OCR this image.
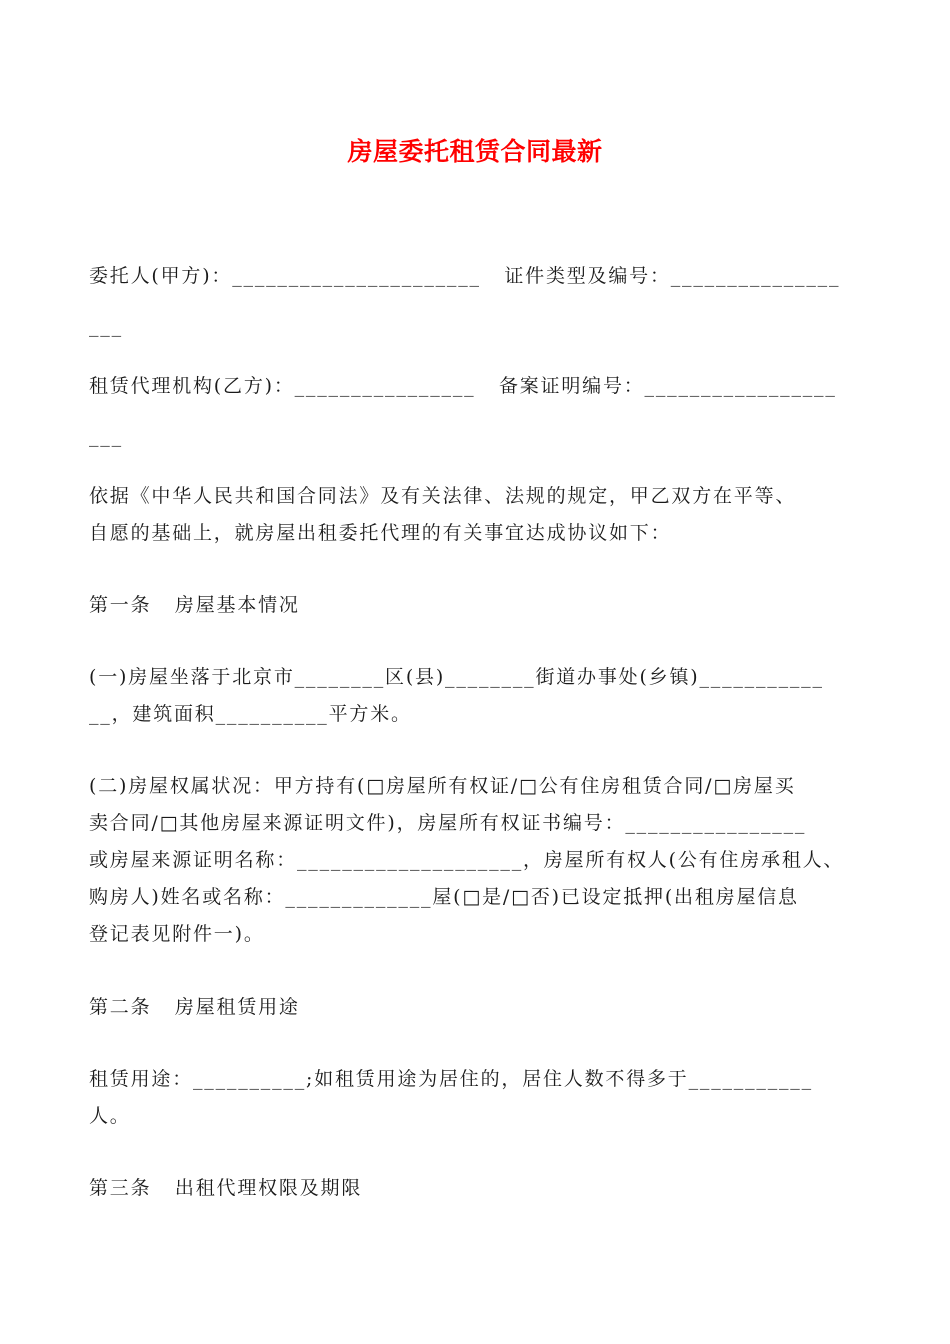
房屋委托租赁合同最新
委托人(甲方)：______________________   证件类型及编号：_______________
___
租赁代理机构(乙方)：________________   备案证明编号：_________________
___
依据《中华人民共和国合同法》及有关法律、法规的规定，甲乙双方在平等、
自愿的基础上，就房屋出租委托代理的有关事宜达成协议如下：
第一条   房屋基本情况
(一)房屋坐落于北京市________区(县)________街道办事处(乡镇)___________
__，建筑面积__________平方米。
(二)房屋权属状况：甲方持有(□房屋所有权证/□公有住房租赁合同/□房屋买
卖合同/□其他房屋来源证明文件)，房屋所有权证书编号：________________
或房屋来源证明名称：____________________，房屋所有权人(公有住房承租人、
购房人)姓名或名称：_____________屋(□是/□否)已设定抵押(出租房屋信息
登记表见附件一)。
第二条   房屋租赁用途
租赁用途：__________;如租赁用途为居住的，居住人数不得多于___________
人。
第三条   出租代理权限及期限
